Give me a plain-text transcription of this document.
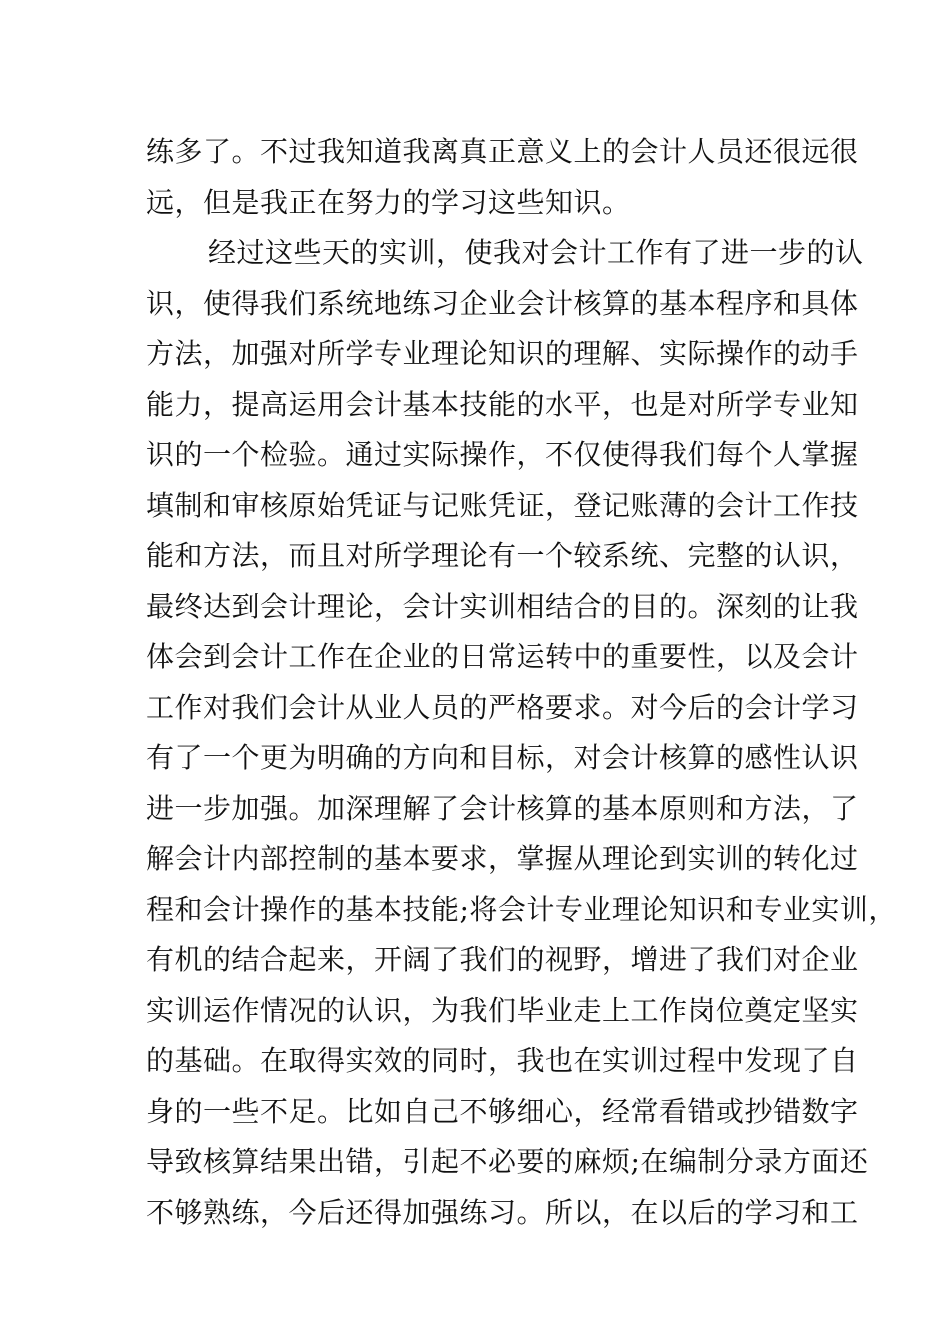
练多了。不过我知道我离真正意义上的会计人员还很远很
远，但是我正在努力的学习这些知识。
经过这些天的实训，使我对会计工作有了进一步的认
识，使得我们系统地练习企业会计核算的基本程序和具体
方法，加强对所学专业理论知识的理解、实际操作的动手
能力，提高运用会计基本技能的水平，也是对所学专业知
识的一个检验。通过实际操作，不仅使得我们每个人掌握
填制和审核原始凭证与记账凭证，登记账薄的会计工作技
能和方法，而且对所学理论有一个较系统、完整的认识，
最终达到会计理论，会计实训相结合的目的。深刻的让我
体会到会计工作在企业的日常运转中的重要性，以及会计
工作对我们会计从业人员的严格要求。对今后的会计学习
有了一个更为明确的方向和目标，对会计核算的感性认识
进一步加强。加深理解了会计核算的基本原则和方法，了
解会计内部控制的基本要求，掌握从理论到实训的转化过
程和会计操作的基本技能;将会计专业理论知识和专业实训，
有机的结合起来，开阔了我们的视野，增进了我们对企业
实训运作情况的认识，为我们毕业走上工作岗位奠定坚实
的基础。在取得实效的同时，我也在实训过程中发现了自
身的一些不足。比如自己不够细心，经常看错或抄错数字
导致核算结果出错，引起不必要的麻烦;在编制分录方面还
不够熟练，今后还得加强练习。所以，在以后的学习和工
